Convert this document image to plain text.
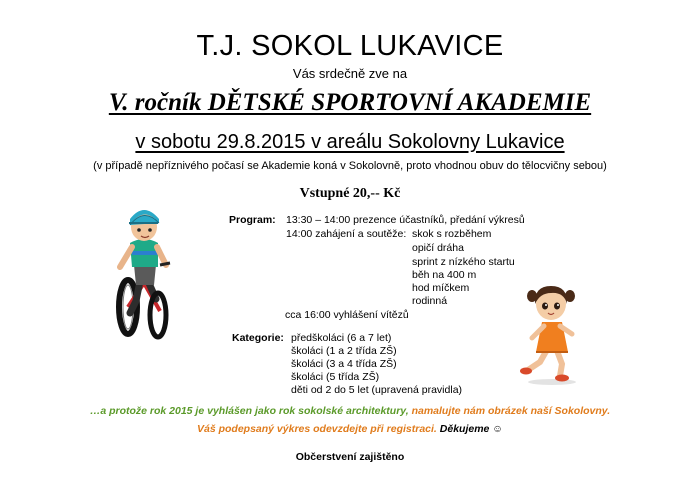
T.J. SOKOL LUKAVICE
Vás srdečně zve na
V. ročník DĚTSKÉ SPORTOVNÍ AKADEMIE
v sobotu 29.8.2015 v areálu Sokolovny Lukavice
(v případě nepříznivého počasí se Akademie koná v Sokolovně, proto vhodnou obuv do tělocvičny sebou)
Vstupné 20,-- Kč
Program: 13:30 – 14:00 prezence účastníků, předání výkresů
14:00 zahájení a soutěže: skok s rozběhem
opičí dráha
sprint z nízkého startu
běh na 400 m
hod míčkem
rodinná
cca 16:00 vyhlášení vítězů
Kategorie: předškoláci (6 a 7 let)
školáci (1 a 2 třída ZŠ)
školáci (3 a 4 třída ZŠ)
školáci (5 třída ZŠ)
děti od 2 do 5 let (upravená pravidla)
…a protože rok 2015 je vyhlášen jako rok sokolské architektury, namalujte nám obrázek naší Sokolovny.
Váš podepsaný výkres odevzdejte při registraci. Děkujeme ☺
Občerstvení zajištěno
